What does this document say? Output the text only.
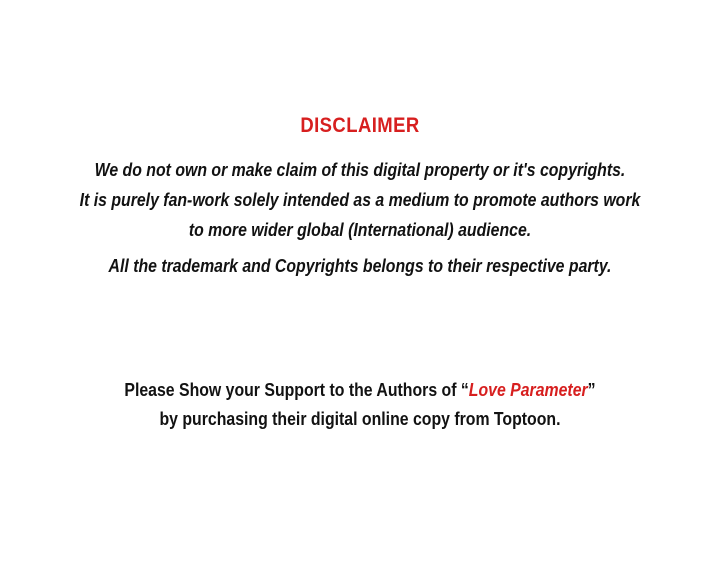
DISCLAIMER
We do not own or make claim of this digital property or it's copyrights.
It is purely fan-work solely intended as a medium to promote authors work
to more wider global (International) audience.
All the trademark and Copyrights belongs to their respective party.
Please Show your Support to the Authors of “Love Parameter”
by purchasing their digital online copy from Toptoon.
